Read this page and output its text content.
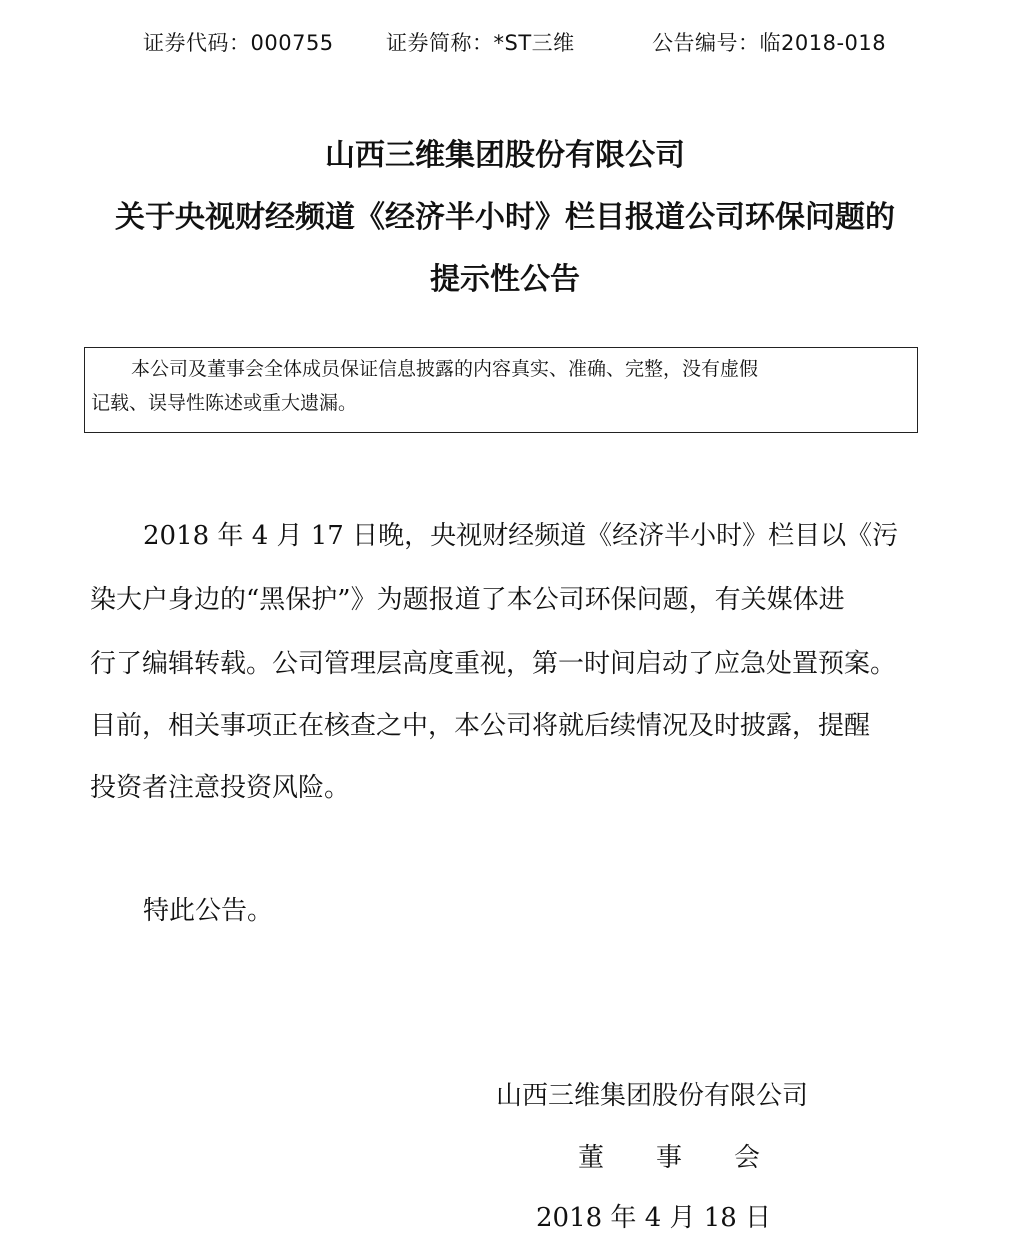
证券代码：000755 证券简称：*ST三维	公告编号：临2018-018
山西三维集团股份有限公司
关于央视财经频道《经济半小时》栏目报道公司环保问题的
提示性公告
本公司及董事会全体成员保证信息披露的内容真实、准确、完整，没有虚假
记载、误导性陈述或重大遗漏。
2018 年 4 月 17 日晚，央视财经频道《经济半小时》栏目以《污
染大户身边的“黑保护”》为题报道了本公司环保问题，有关媒体进
行了编辑转载。公司管理层高度重视，第一时间启动了应急处置预案。
目前，相关事项正在核查之中，本公司将就后续情况及时披露，提醒
投资者注意投资风险。
特此公告。
山西三维集团股份有限公司
董　　事　　会
2018 年 4 月 18 日
